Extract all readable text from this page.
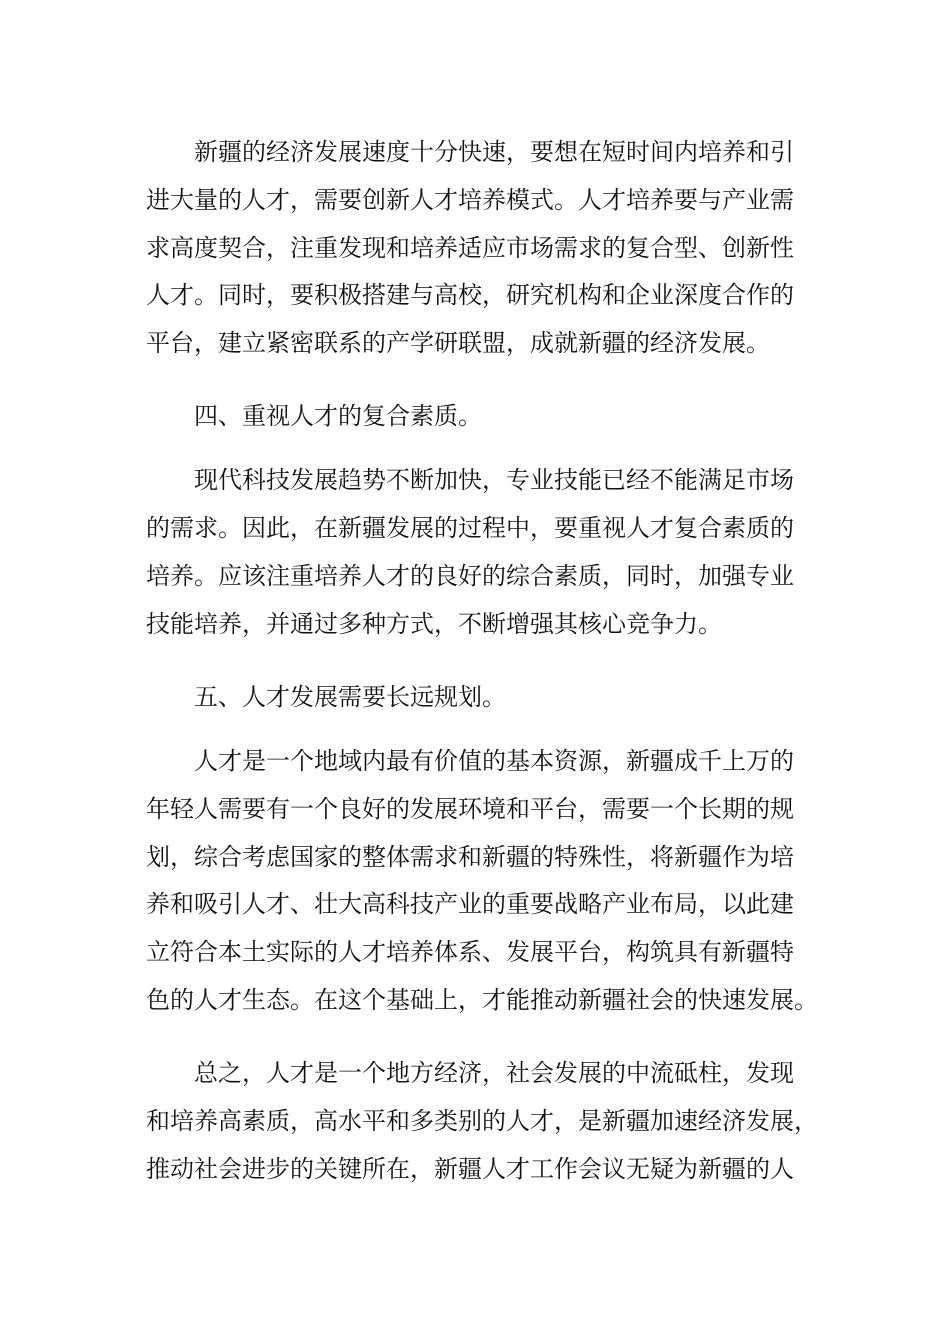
新疆的经济发展速度十分快速，要想在短时间内培养和引
进大量的人才，需要创新人才培养模式。人才培养要与产业需
求高度契合，注重发现和培养适应市场需求的复合型、创新性
人才。同时，要积极搭建与高校，研究机构和企业深度合作的
平台，建立紧密联系的产学研联盟，成就新疆的经济发展。
四、重视人才的复合素质。
现代科技发展趋势不断加快，专业技能已经不能满足市场
的需求。因此，在新疆发展的过程中，要重视人才复合素质的
培养。应该注重培养人才的良好的综合素质，同时，加强专业
技能培养，并通过多种方式，不断增强其核心竞争力。
五、人才发展需要长远规划。
人才是一个地域内最有价值的基本资源，新疆成千上万的
年轻人需要有一个良好的发展环境和平台，需要一个长期的规
划，综合考虑国家的整体需求和新疆的特殊性，将新疆作为培
养和吸引人才、壮大高科技产业的重要战略产业布局，以此建
立符合本土实际的人才培养体系、发展平台，构筑具有新疆特
色的人才生态。在这个基础上，才能推动新疆社会的快速发展。
总之，人才是一个地方经济，社会发展的中流砥柱，发现
和培养高素质，高水平和多类别的人才，是新疆加速经济发展，
推动社会进步的关键所在，新疆人才工作会议无疑为新疆的人
